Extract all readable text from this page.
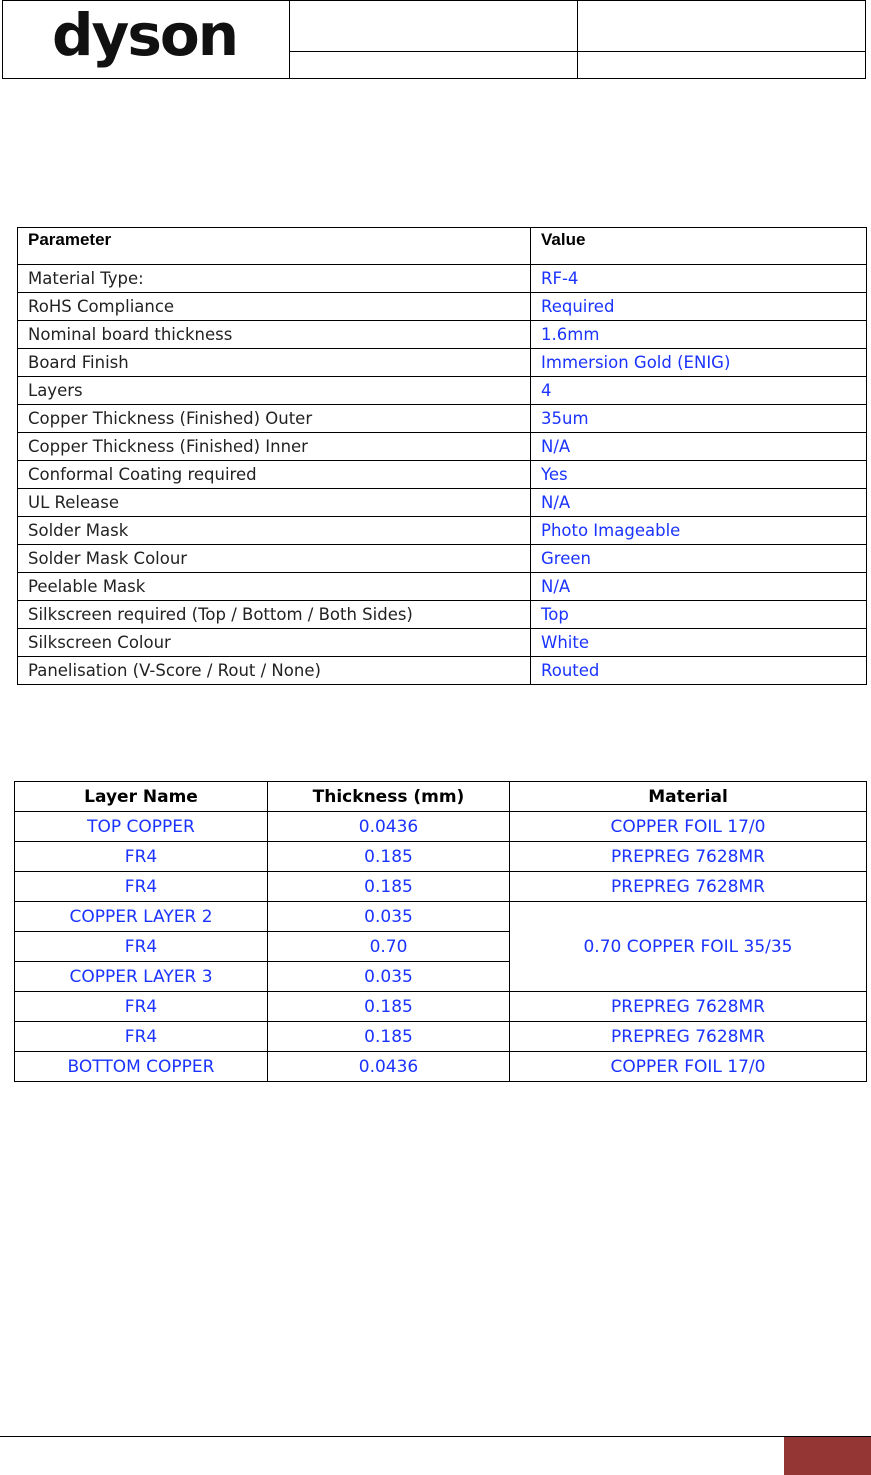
dyson		

Parameter	Value
Material Type:	RF-4
RoHS Compliance	Required
Nominal board thickness	1.6mm
Board Finish	Immersion Gold (ENIG)
Layers	4
Copper Thickness (Finished) Outer	35um
Copper Thickness (Finished) Inner	N/A
Conformal Coating required	Yes
UL Release	N/A
Solder Mask	Photo Imageable
Solder Mask Colour	Green
Peelable Mask	N/A
Silkscreen required (Top / Bottom / Both Sides)	Top
Silkscreen Colour	White
Panelisation (V-Score / Rout / None)	Routed
Layer Name	Thickness (mm)	Material
TOP COPPER	0.0436	COPPER FOIL 17/0
FR4	0.185	PREPREG 7628MR
FR4	0.185	PREPREG 7628MR
COPPER LAYER 2	0.035	0.70 COPPER FOIL 35/35
FR4	0.70	
COPPER LAYER 3	0.035	
FR4	0.185	PREPREG 7628MR
FR4	0.185	PREPREG 7628MR
BOTTOM COPPER	0.0436	COPPER FOIL 17/0
